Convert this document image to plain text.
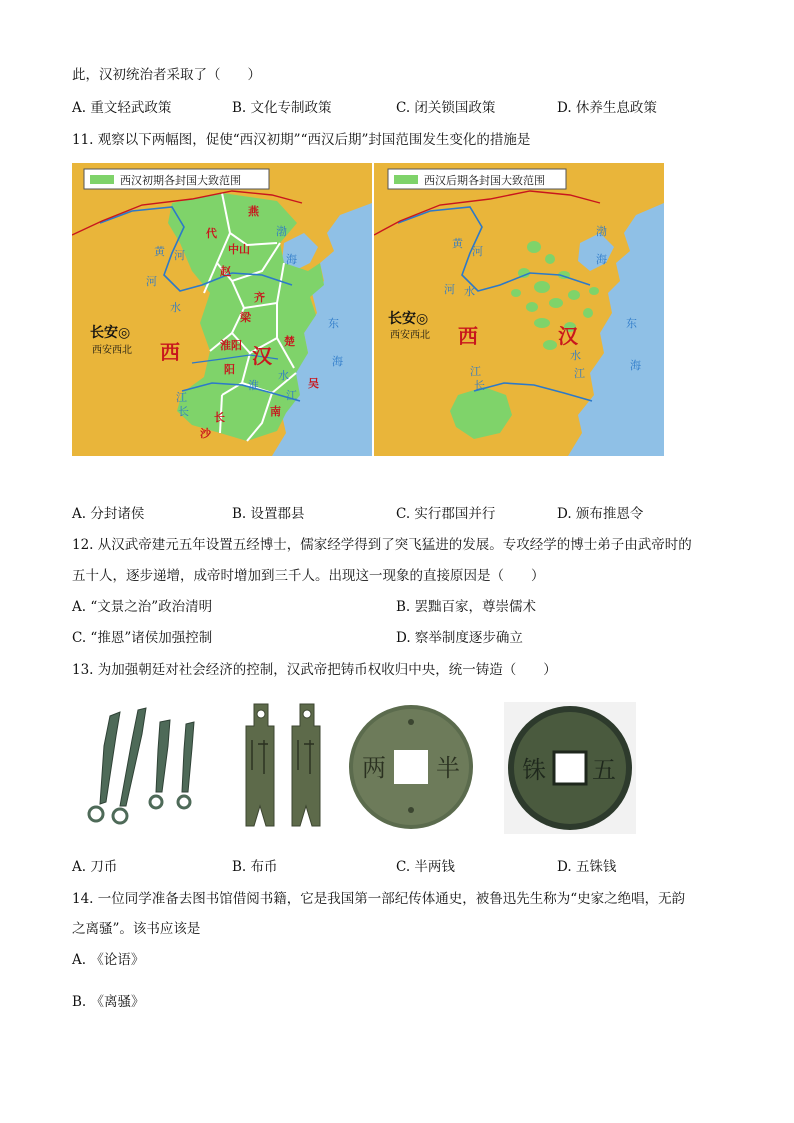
此，汉初统治者采取了（　　）
A. 重文轻武政策	B. 文化专制政策	C. 闭关锁国政策	D. 休养生息政策
11. 观察以下两幅图，促使“西汉初期”“西汉后期”封国范围发生变化的措施是
西汉初期各封国大致范围
代
燕
中山
赵
齐
梁
楚
淮阳
阳
吴
南
长
沙
渤
海
东
海
黄 河
河
水
淮
水
江
江
长
长安◎
西安西北 西	汉
西汉后期各封国大致范围
黄
河
河 水
渤
海
东
海
水
江
江
长
长安◎
西安西北 西	汉
A. 分封诸侯	B. 设置郡县	C. 实行郡国并行	D. 颁布推恩令
12. 从汉武帝建元五年设置五经博士，儒家经学得到了突飞猛进的发展。专攻经学的博士弟子由武帝时的
五十人，逐步递增，成帝时增加到三千人。出现这一现象的直接原因是（　　）
A. “文景之治”政治清明	B. 罢黜百家，尊崇儒术
C. “推恩”诸侯加强控制	D. 察举制度逐步确立
13. 为加强朝廷对社会经济的控制，汉武帝把铸币权收归中央，统一铸造（　　）
半
两	五
铢
A. 刀币	B. 布币	C. 半两钱	D. 五铢钱
14. 一位同学准备去图书馆借阅书籍，它是我国第一部纪传体通史，被鲁迅先生称为“史家之绝唱，无韵
之离骚”。该书应该是
A. 《论语》
B. 《离骚》
